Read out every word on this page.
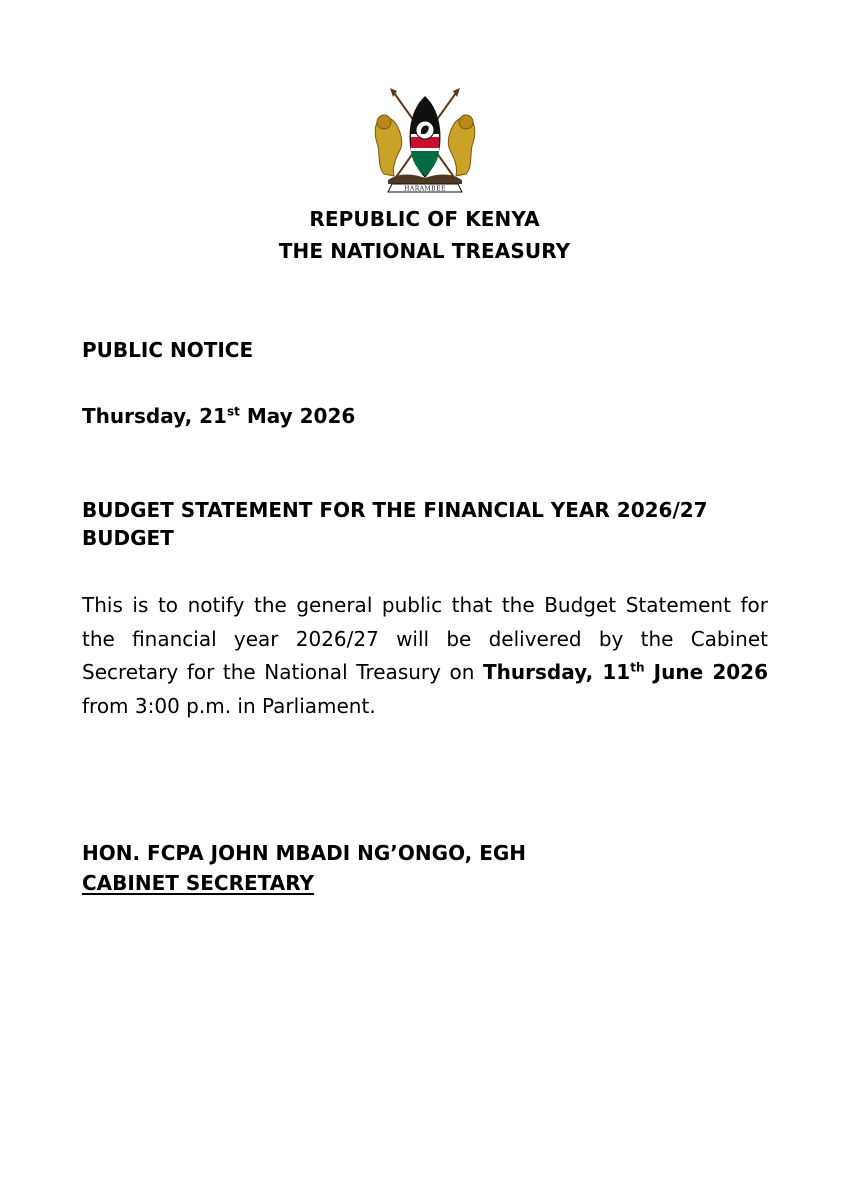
HARAMBEE
REPUBLIC OF KENYA
THE NATIONAL TREASURY
PUBLIC NOTICE
Thursday, 21st May 2026
BUDGET STATEMENT FOR THE FINANCIAL YEAR 2026/27 BUDGET
This is to notify the general public that the Budget Statement for the financial year 2026/27 will be delivered by the Cabinet Secretary for the National Treasury on Thursday, 11th June 2026 from 3:00 p.m. in Parliament.
HON. FCPA JOHN MBADI NG’ONGO, EGH
CABINET SECRETARY
